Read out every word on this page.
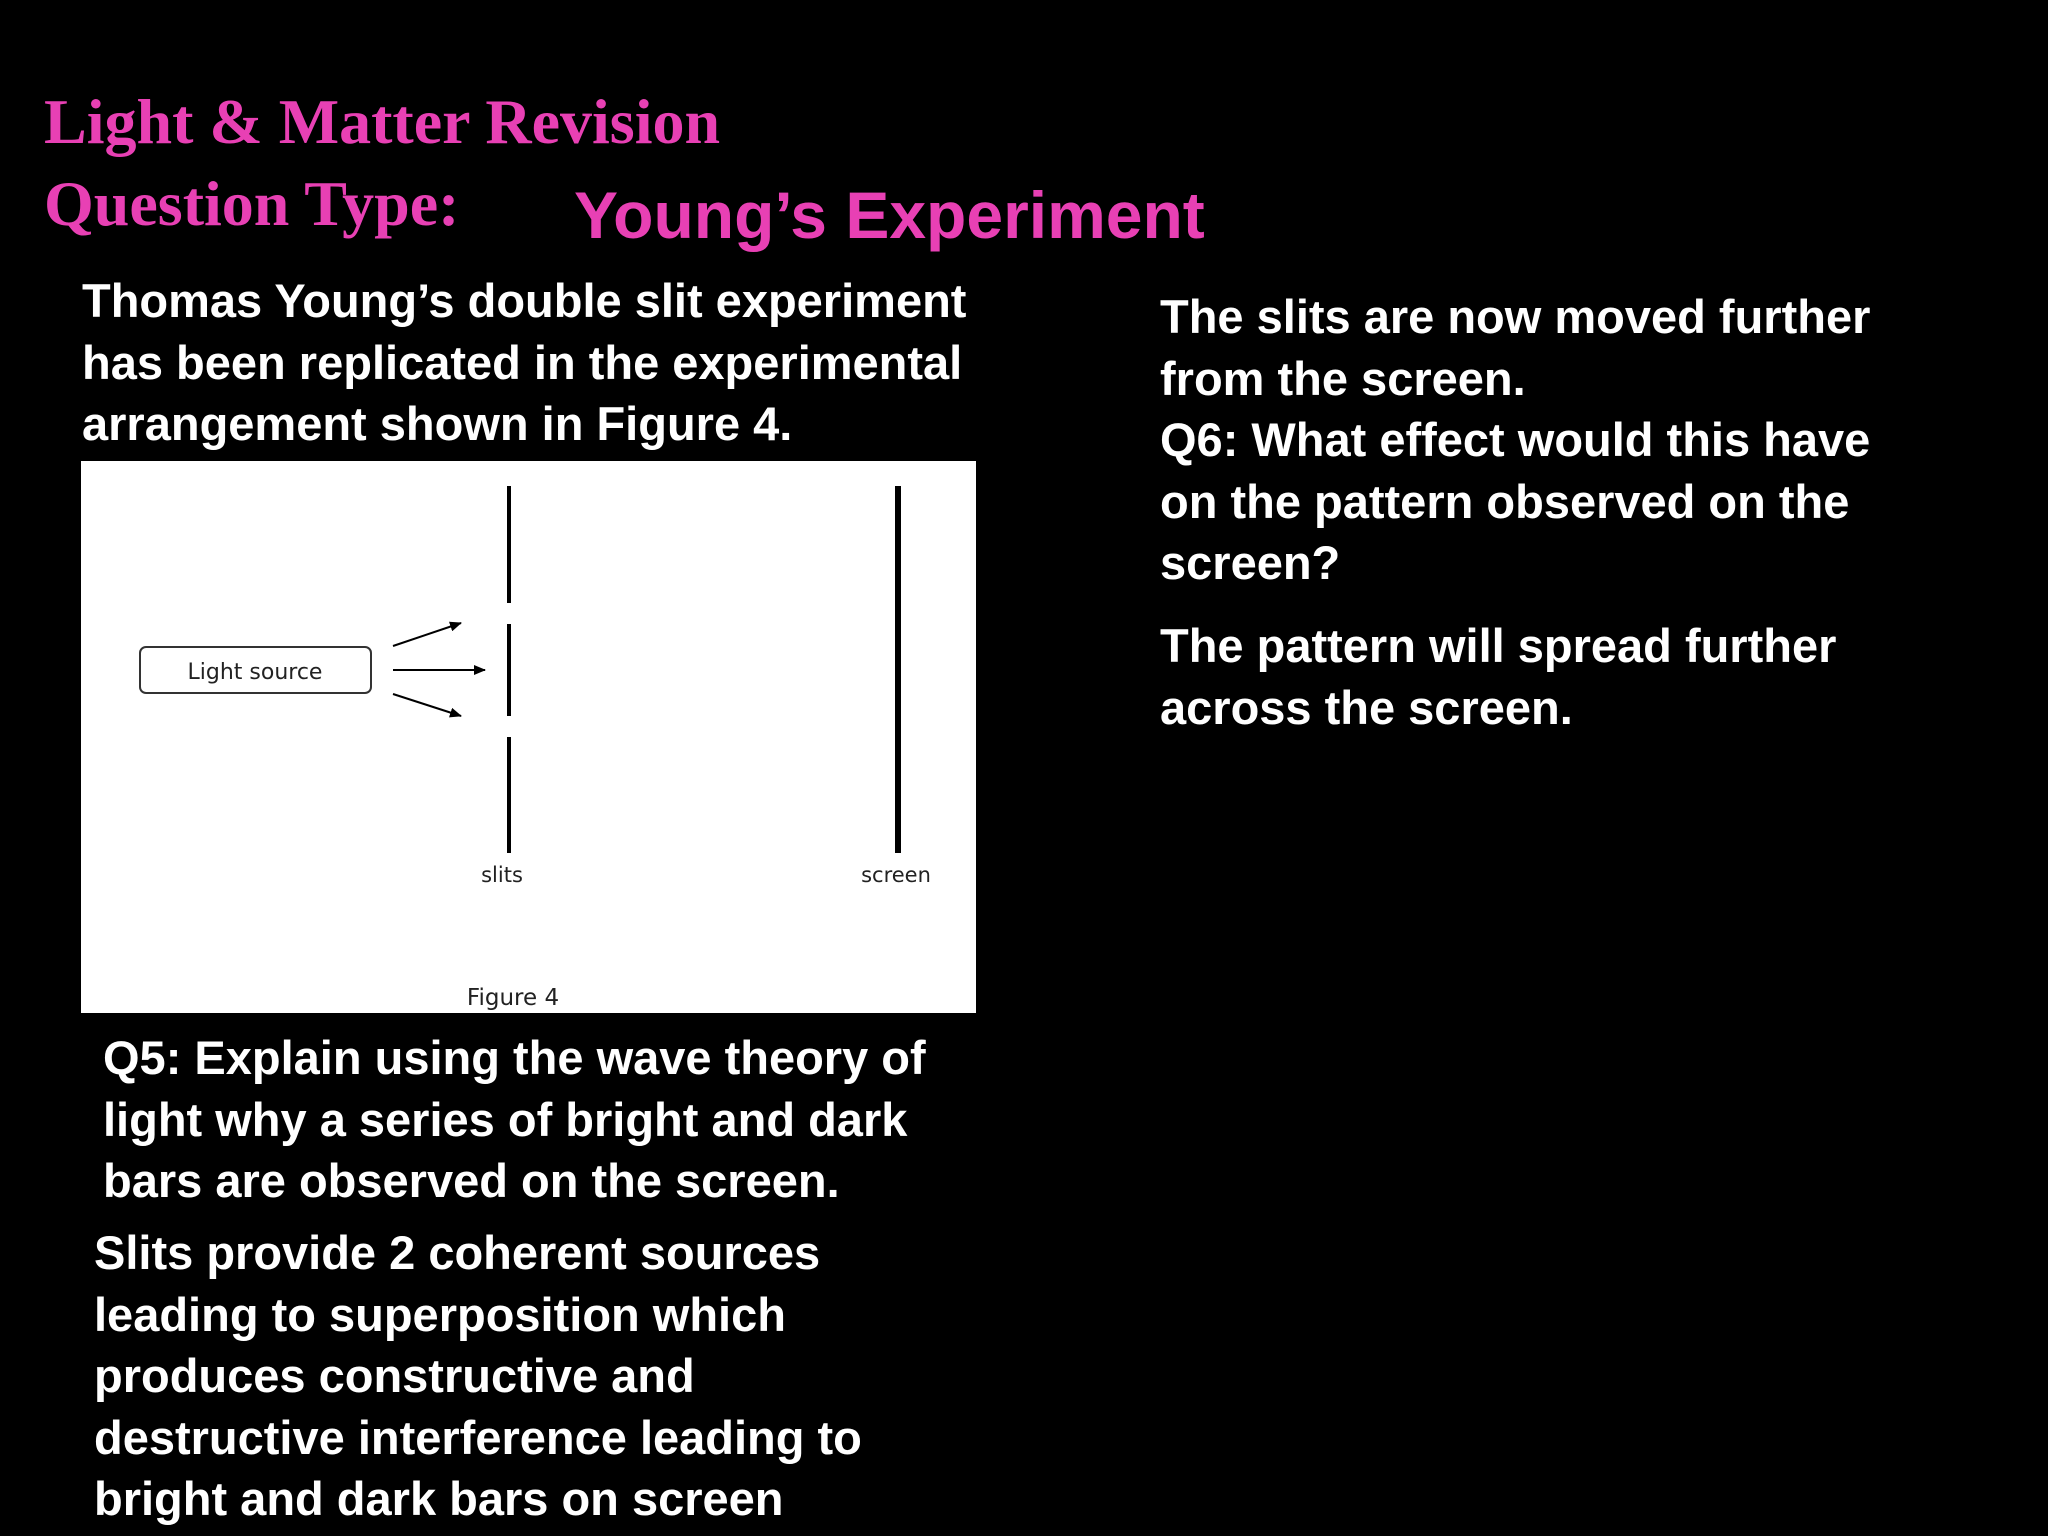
Light & Matter Revision
Question Type: Young’s Experiment
Thomas Young’s double slit experiment
has been replicated in the experimental
arrangement shown in Figure 4.
Light source
slits	screen
Figure 4
Q5: Explain using the wave theory of
light why a series of bright and dark
bars are observed on the screen.
Slits provide 2 coherent sources
leading to superposition which
produces constructive and
destructive interference leading to
bright and dark bars on screen
The slits are now moved further
from the screen.
Q6: What effect would this have
on the pattern observed on the
screen?
The pattern will spread further
across the screen.
